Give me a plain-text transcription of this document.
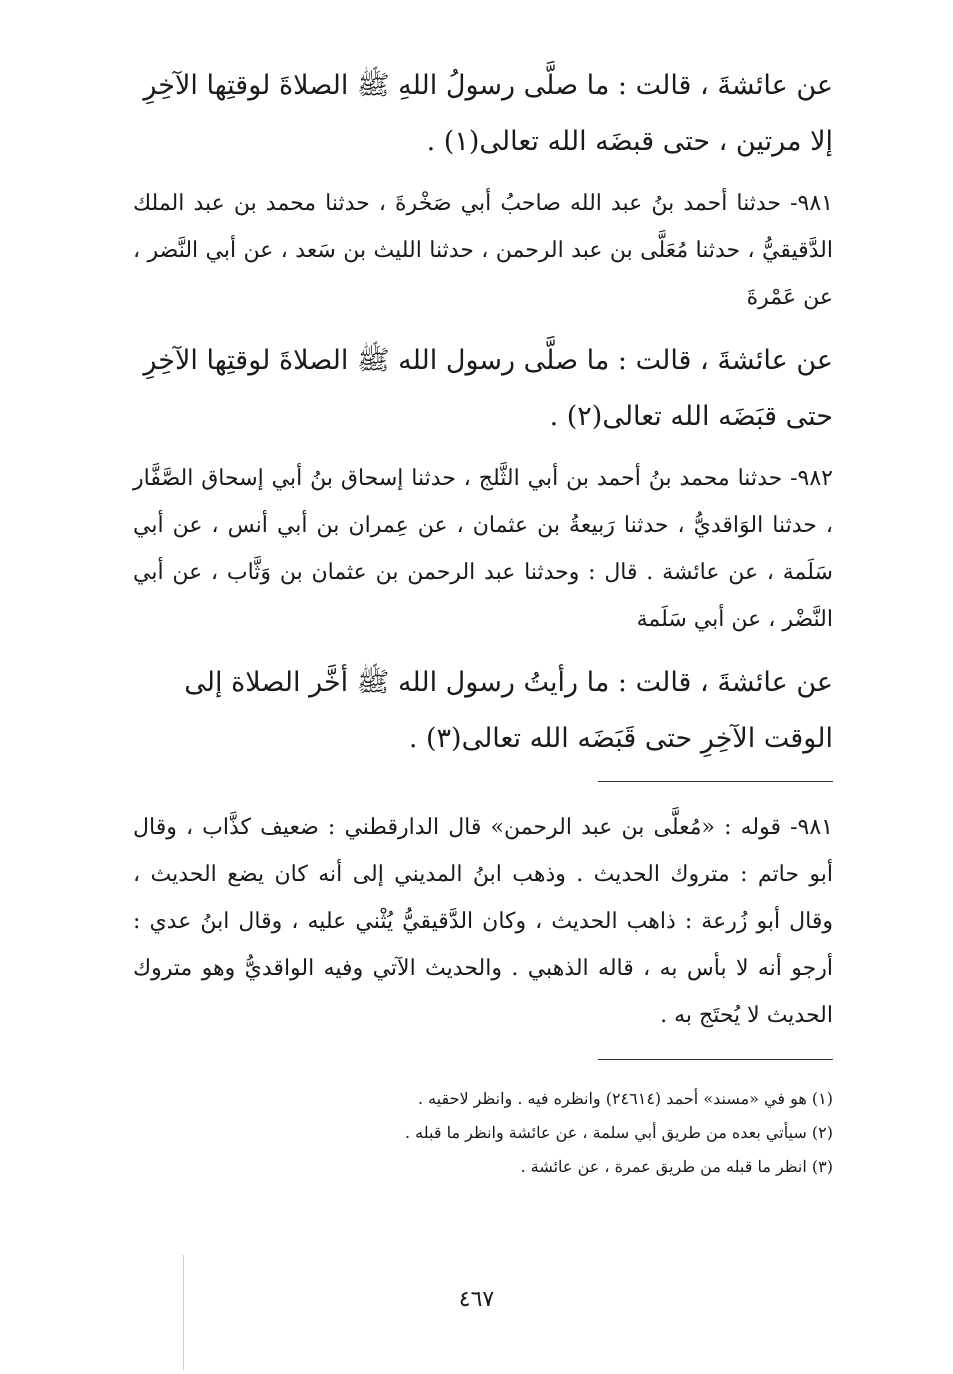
عن عائشةَ ، قالت : ما صلَّى رسولُ اللهِ ﷺ الصلاةَ لوقتِها الآخِرِ

إلا مرتين ، حتى قبضَه الله تعالى(١) .

٩٨١- حدثنا أحمد بنُ عبد الله صاحبُ أبي صَخْرةَ ، حدثنا محمد بن عبد الملك الدَّقيقيُّ ، حدثنا مُعَلَّى بن عبد الرحمن ، حدثنا الليث بن سَعد ، عن أبي النَّضر ، عن عَمْرةَ

عن عائشةَ ، قالت : ما صلَّى رسول الله ﷺ الصلاةَ لوقتِها الآخِرِ

حتى قبَضَه الله تعالى(٢) .

٩٨٢- حدثنا محمد بنُ أحمد بن أبي الثَّلج ، حدثنا إسحاق بنُ أبي إسحاق الصَّفَّار ، حدثنا الوَاقديُّ ، حدثنا رَبيعةُ بن عثمان ، عن عِمران بن أبي أنس ، عن أبي سَلَمة ، عن عائشة . قال : وحدثنا عبد الرحمن بن عثمان بن وَثَّاب ، عن أبي النَّضْر ، عن أبي سَلَمة

عن عائشةَ ، قالت : ما رأيتُ رسول الله ﷺ أخَّر الصلاة إلى

الوقت الآخِرِ حتى قَبَضَه الله تعالى(٣) .

٩٨١- قوله : «مُعلَّى بن عبد الرحمن» قال الدارقطني : ضعيف كذَّاب ، وقال أبو حاتم : متروك الحديث . وذهب ابنُ المديني إلى أنه كان يضع الحديث ، وقال أبو زُرعة : ذاهب الحديث ، وكان الدَّقيقيُّ يُثْني عليه ، وقال ابنُ عدي : أرجو أنه لا بأس به ، قاله الذهبي . والحديث الآتي وفيه الواقديُّ وهو متروك الحديث لا يُحتَج به .

(١) هو في «مسند» أحمد (٢٤٦١٤) وانظره فيه . وانظر لاحقيه .

(٢) سيأتي بعده من طريق أبي سلمة ، عن عائشة وانظر ما قبله .

(٣) انظر ما قبله من طريق عمرة ، عن عائشة .

٤٦٧
